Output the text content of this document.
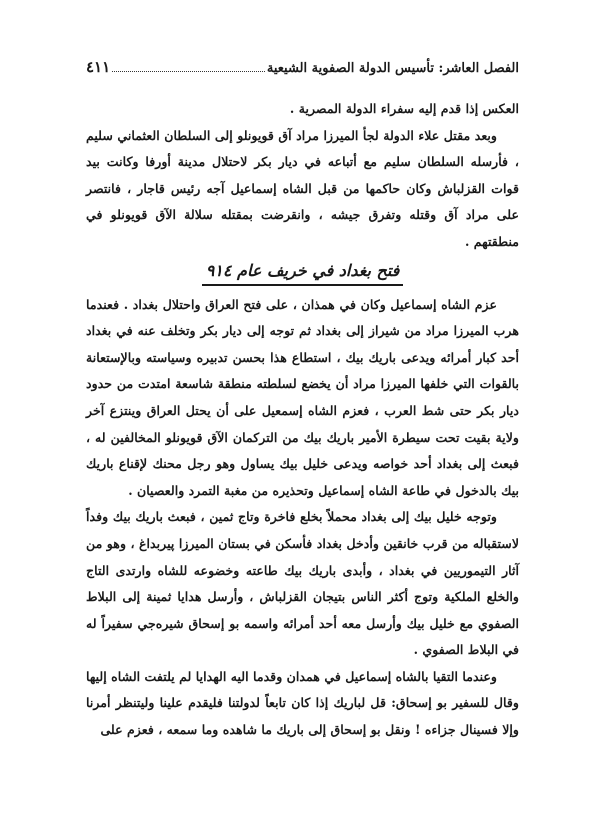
الفصل العاشر: تأسيس الدولة الصفوية الشيعية
٤١١

العكس إذا قدم إليه سفراء الدولة المصرية .

وبعد مقتل علاء الدولة لجأ الميرزا مراد آق قويونلو إلى السلطان العثماني سليم ، فأرسله السلطان سليم مع أتباعه في ديار بكر لاحتلال مدينة أورفا وكانت بيد قوات القزلباش وكان حاكمها من قبل الشاه إسماعيل آجه رئيس قاجار ، فانتصر على مراد آق وقتله وتفرق جيشه ، وانقرضت بمقتله سلالة الآق قويونلو في منطقتهم .

فتح بغداد في خريف عام ٩١٤

عزم الشاه إسماعيل وكان في همذان ، على فتح العراق واحتلال بغداد . فعندما هرب الميرزا مراد من شيراز إلى بغداد ثم توجه إلى ديار بكر وتخلف عنه في بغداد أحد كبار أمرائه ويدعى باريك بيك ، استطاع هذا بحسن تدبيره وسياسته وبالإستعانة بالقوات التي خلفها الميرزا مراد أن يخضع لسلطته منطقة شاسعة امتدت من حدود ديار بكر حتى شط العرب ، فعزم الشاه إسمعيل على أن يحتل العراق وينتزع آخر ولاية بقيت تحت سيطرة الأمير باريك بيك من التركمان الآق قويونلو المخالفين له ، فبعث إلى بغداد أحد خواصه ويدعى خليل بيك يساول وهو رجل محنك لإقناع باريك بيك بالدخول في طاعة الشاه إسماعيل وتحذيره من مغبة التمرد والعصيان .

وتوجه خليل بيك إلى بغداد محملاً بخلع فاخرة وتاج ثمين ، فبعث باريك بيك وفداً لاستقباله من قرب خانقين وأدخل بغداد فأسكن في بستان الميرزا پيربداغ ، وهو من آثار التيموريين في بغداد ، وأبدى باريك بيك طاعته وخضوعه للشاه وارتدى التاج والخلع الملكية وتوج أكثر الناس بتيجان القزلباش ، وأرسل هدايا ثمينة إلى البلاط الصفوي مع خليل بيك وأرسل معه أحد أمرائه واسمه بو إسحاق شيره‌جي سفيراً له في البلاط الصفوي .

وعندما التقيا بالشاه إسماعيل في همدان وقدما اليه الهدايا لم يلتفت الشاه إليها وقال للسفير بو إسحاق: قل لباريك إذا كان تابعاً لدولتنا فليقدم علينا وليتنظر أمرنا وإلا فسينال جزاءه ! ونقل بو إسحاق إلى باريك ما شاهده وما سمعه ، فعزم على
